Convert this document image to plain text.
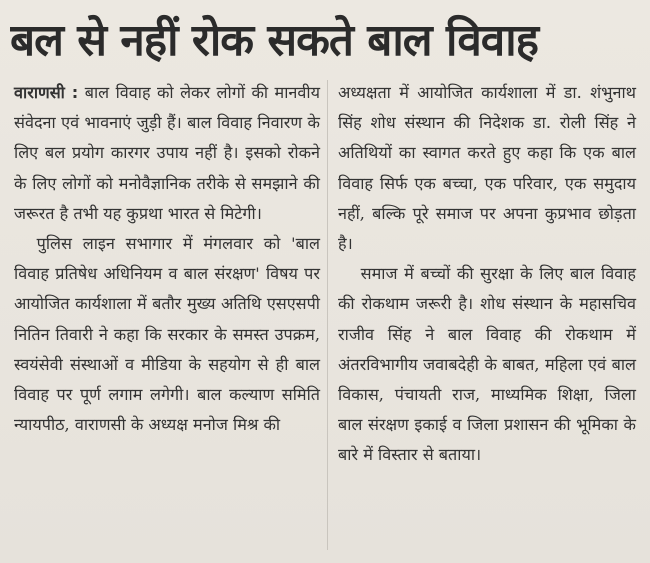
बल से नहीं रोक सकते बाल विवाह

वाराणसी : बाल विवाह को लेकर लोगों की मानवीय संवेदना एवं भावनाएं जुड़ी हैं। बाल विवाह निवारण के लिए बल प्रयोग कारगर उपाय नहीं है। इसको रोकने के लिए लोगों को मनोवैज्ञानिक तरीके से समझाने की जरूरत है तभी यह कुप्रथा भारत से मिटेगी।

पुलिस लाइन सभागार में मंगलवार को 'बाल विवाह प्रतिषेध अधिनियम व बाल संरक्षण' विषय पर आयोजित कार्यशाला में बतौर मुख्य अतिथि एसएसपी नितिन तिवारी ने कहा कि सरकार के समस्त उपक्रम, स्वयंसेवी संस्थाओं व मीडिया के सहयोग से ही बाल विवाह पर पूर्ण लगाम लगेगी। बाल कल्याण समिति न्यायपीठ, वाराणसी के अध्यक्ष मनोज मिश्र की

अध्यक्षता में आयोजित कार्यशाला में डा. शंभुनाथ सिंह शोध संस्थान की निदेशक डा. रोली सिंह ने अतिथियों का स्वागत करते हुए कहा कि एक बाल विवाह सिर्फ एक बच्चा, एक परिवार, एक समुदाय नहीं, बल्कि पूरे समाज पर अपना कुप्रभाव छोड़ता है।

समाज में बच्चों की सुरक्षा के लिए बाल विवाह की रोकथाम जरूरी है। शोध संस्थान के महासचिव राजीव सिंह ने बाल विवाह की रोकथाम में अंतरविभागीय जवाबदेही के बाबत, महिला एवं बाल विकास, पंचायती राज, माध्यमिक शिक्षा, जिला बाल संरक्षण इकाई व जिला प्रशासन की भूमिका के बारे में विस्तार से बताया।
